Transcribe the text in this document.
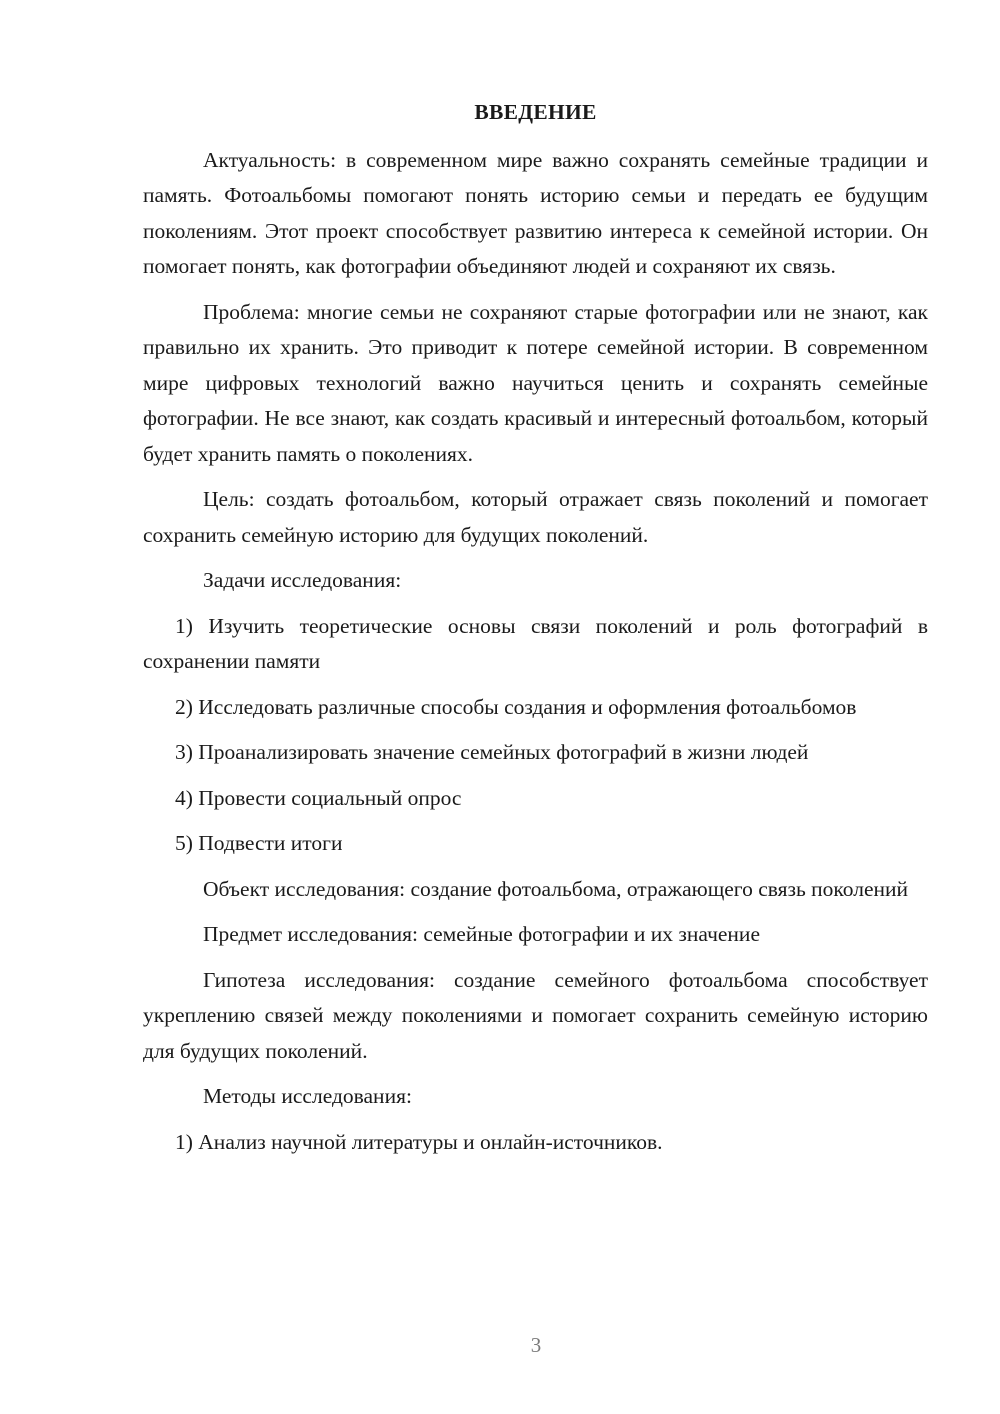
ВВЕДЕНИЕ

Актуальность: в современном мире важно сохранять семейные традиции и память. Фотоальбомы помогают понять историю семьи и передать ее будущим поколениям. Этот проект способствует развитию интереса к семейной истории. Он помогает понять, как фотографии объединяют людей и сохраняют их связь.

Проблема: многие семьи не сохраняют старые фотографии или не знают, как правильно их хранить. Это приводит к потере семейной истории. В современном мире цифровых технологий важно научиться ценить и сохранять семейные фотографии. Не все знают, как создать красивый и интересный фотоальбом, который будет хранить память о поколениях.

Цель: создать фотоальбом, который отражает связь поколений и помогает сохранить семейную историю для будущих поколений.

Задачи исследования:

1) Изучить теоретические основы связи поколений и роль фотографий в сохранении памяти

2) Исследовать различные способы создания и оформления фотоальбомов

3) Проанализировать значение семейных фотографий в жизни людей

4) Провести социальный опрос

5) Подвести итоги

Объект исследования: создание фотоальбома, отражающего связь поколений

Предмет исследования: семейные фотографии и их значение

Гипотеза исследования: создание семейного фотоальбома способствует укреплению связей между поколениями и помогает сохранить семейную историю для будущих поколений.

Методы исследования:

1) Анализ научной литературы и онлайн-источников.

3
